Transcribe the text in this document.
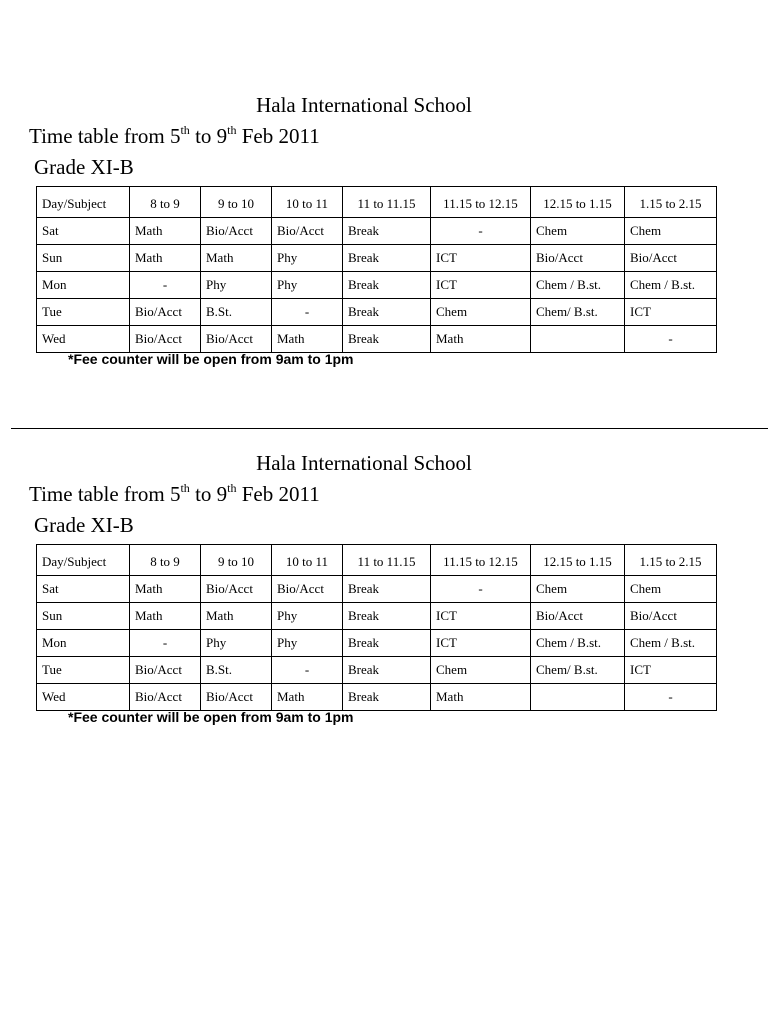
Hala International School
Time table from 5th to 9th Feb 2011
Grade XI-B
Day/Subject	8 to 9	9 to 10	10 to 11	11 to 11.15	11.15 to 12.15	12.15 to 1.15	1.15 to 2.15
Sat	Math	Bio/Acct	Bio/Acct	Break	-	Chem	Chem
Sun	Math	Math	Phy	Break	ICT	Bio/Acct	Bio/Acct
Mon	-	Phy	Phy	Break	ICT	Chem / B.st.	Chem / B.st.
Tue	Bio/Acct	B.St.	-	Break	Chem	Chem/ B.st.	ICT
Wed	Bio/Acct	Bio/Acct	Math	Break	Math		-
*Fee counter will be open from 9am to 1pm
Hala International School
Time table from 5th to 9th Feb 2011
Grade XI-B
Day/Subject	8 to 9	9 to 10	10 to 11	11 to 11.15	11.15 to 12.15	12.15 to 1.15	1.15 to 2.15
Sat	Math	Bio/Acct	Bio/Acct	Break	-	Chem	Chem
Sun	Math	Math	Phy	Break	ICT	Bio/Acct	Bio/Acct
Mon	-	Phy	Phy	Break	ICT	Chem / B.st.	Chem / B.st.
Tue	Bio/Acct	B.St.	-	Break	Chem	Chem/ B.st.	ICT
Wed	Bio/Acct	Bio/Acct	Math	Break	Math		-
*Fee counter will be open from 9am to 1pm
